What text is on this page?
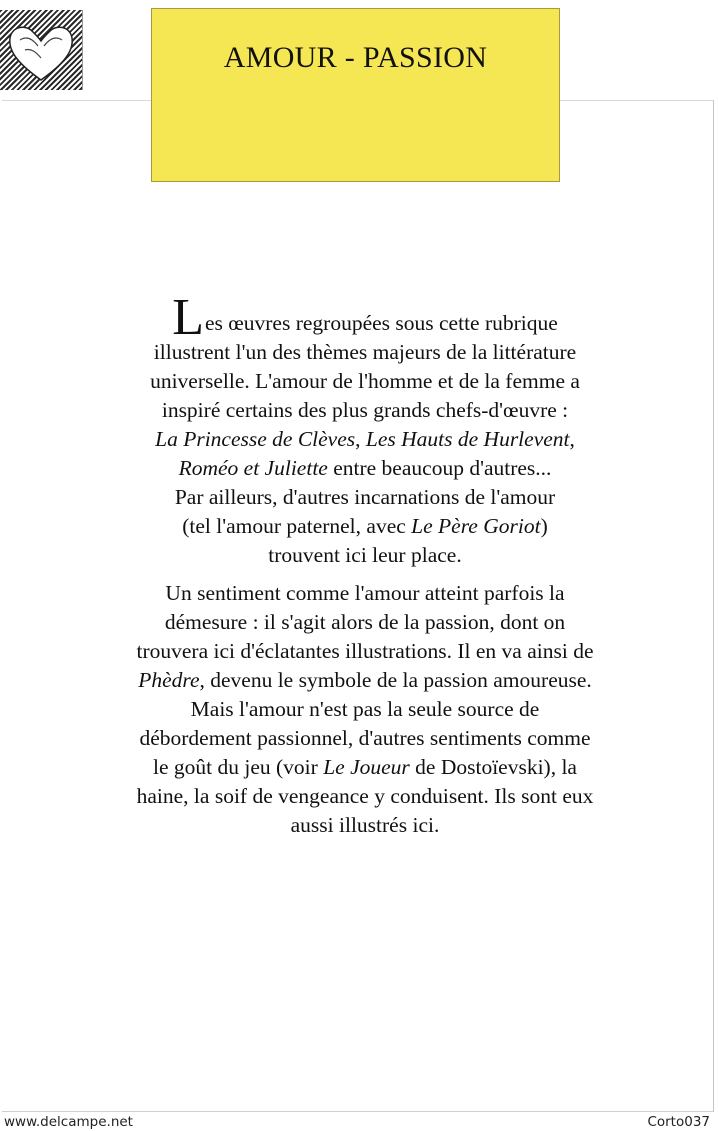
AMOUR - PASSION
Les œuvres regroupées sous cette rubrique
illustrent l'un des thèmes majeurs de la littérature
universelle. L'amour de l'homme et de la femme a
inspiré certains des plus grands chefs-d'œuvre :
La Princesse de Clèves, Les Hauts de Hurlevent,
Roméo et Juliette entre beaucoup d'autres...
Par ailleurs, d'autres incarnations de l'amour
(tel l'amour paternel, avec Le Père Goriot)
trouvent ici leur place.
Un sentiment comme l'amour atteint parfois la
démesure : il s'agit alors de la passion, dont on
trouvera ici d'éclatantes illustrations. Il en va ainsi de
Phèdre, devenu le symbole de la passion amoureuse.
Mais l'amour n'est pas la seule source de
débordement passionnel, d'autres sentiments comme
le goût du jeu (voir Le Joueur de Dostoïevski), la
haine, la soif de vengeance y conduisent. Ils sont eux
aussi illustrés ici.
www.delcampe.net	Corto037
